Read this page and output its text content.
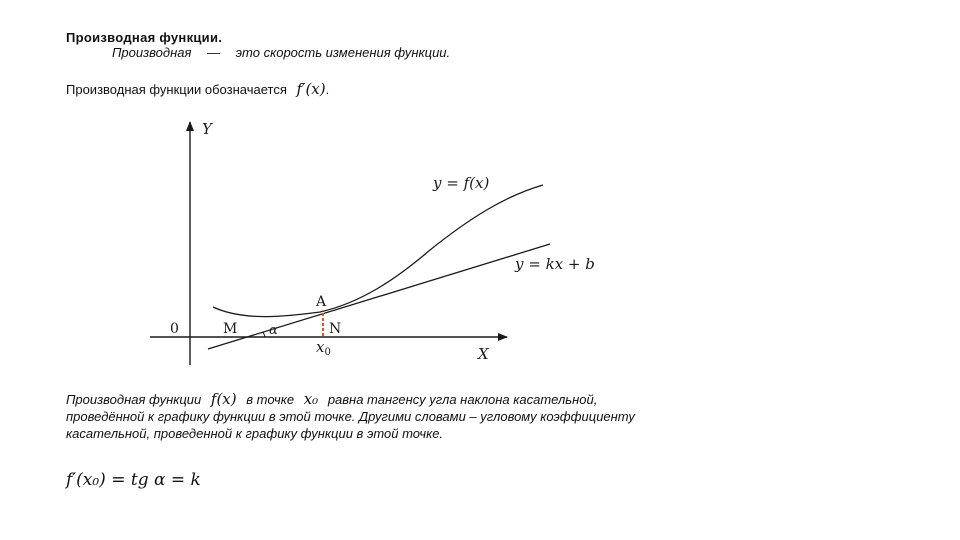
Производная функции.
Производная — это скорость изменения функции.
Производная функции обозначается f′(x).
Y
X
0
y = f(x)
y = kx + b
A
M	N
α
$x_0$
Производная функции f(x) в точке x₀ равна тангенсу угла наклона касательной,
проведённой к графику функции в этой точке. Другими словами – угловому коэффициенту
касательной, проведенной к графику функции в этой точке.
f′(x₀) = tg α = k
